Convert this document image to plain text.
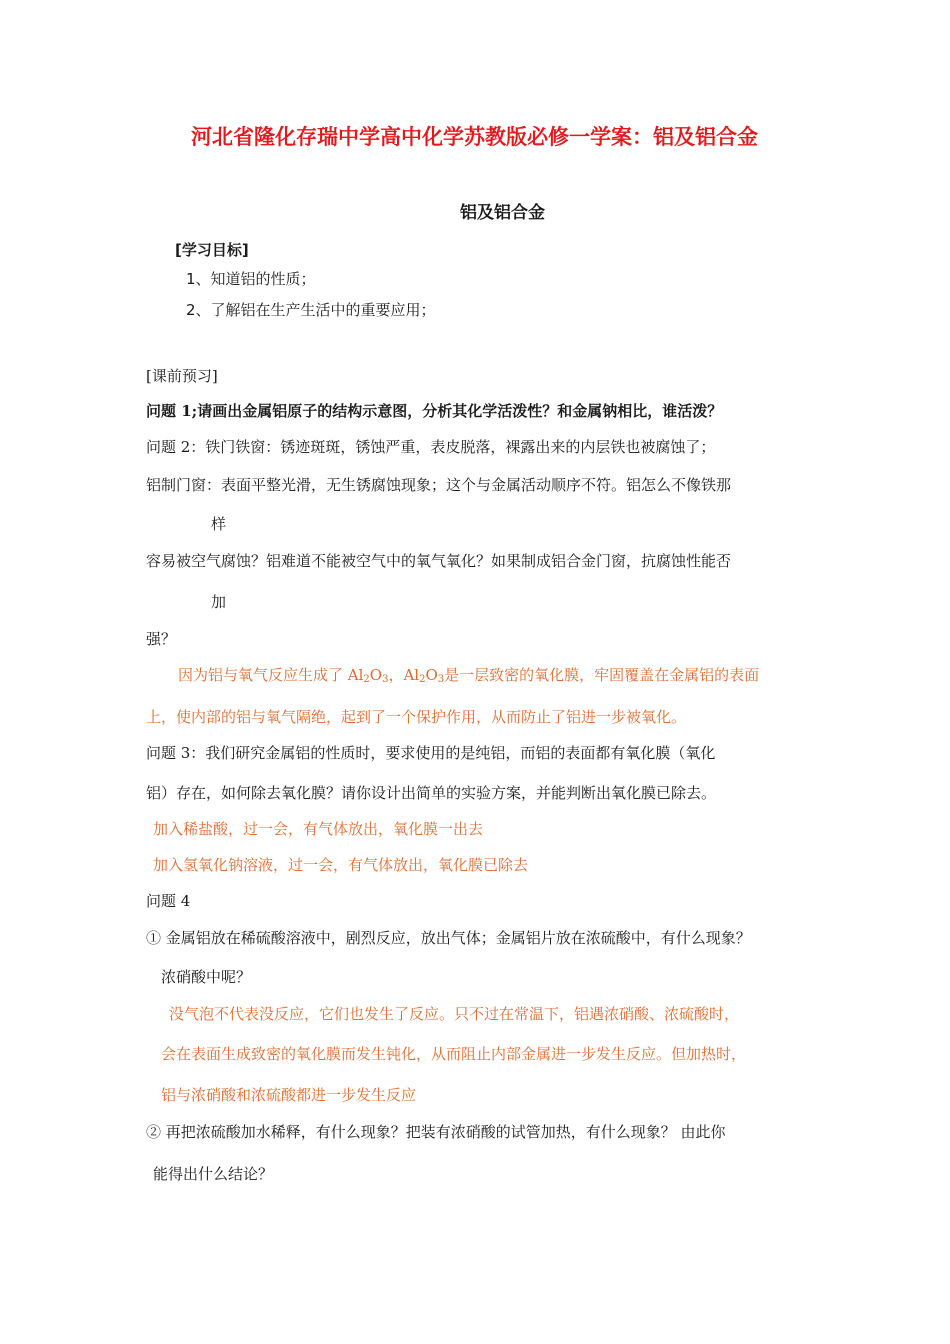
河北省隆化存瑞中学高中化学苏教版必修一学案：铝及铝合金
铝及铝合金
[学习目标]
1、知道铝的性质；
2、了解铝在生产生活中的重要应用；
[课前预习]
问题 1;请画出金属铝原子的结构示意图，分析其化学活泼性？和金属钠相比，谁活泼？
问题 2：铁门铁窗：锈迹斑斑，锈蚀严重，表皮脱落，裸露出来的内层铁也被腐蚀了；
铝制门窗：表面平整光滑，无生锈腐蚀现象；这个与金属活动顺序不符。铝怎么不像铁那
样
容易被空气腐蚀？铝难道不能被空气中的氧气氧化？如果制成铝合金门窗，抗腐蚀性能否
加
强？
因为铝与氧气反应生成了 $Al_2O_3$，$Al_2O_3$是一层致密的氧化膜，牢固覆盖在金属铝的表面
上，使内部的铝与氧气隔绝，起到了一个保护作用，从而防止了铝进一步被氧化。
问题 3：我们研究金属铝的性质时，要求使用的是纯铝，而铝的表面都有氧化膜（氧化
铝）存在，如何除去氧化膜？请你设计出简单的实验方案，并能判断出氧化膜已除去。
加入稀盐酸，过一会，有气体放出，氧化膜一出去
加入氢氧化钠溶液，过一会，有气体放出，氧化膜已除去
问题 4
① 金属铝放在稀硫酸溶液中，剧烈反应，放出气体；金属铝片放在浓硫酸中，有什么现象？
浓硝酸中呢？
没气泡不代表没反应，它们也发生了反应。只不过在常温下，铝遇浓硝酸、浓硫酸时，
会在表面生成致密的氧化膜而发生钝化，从而阻止内部金属进一步发生反应。但加热时，
铝与浓硝酸和浓硫酸都进一步发生反应
② 再把浓硫酸加水稀释，有什么现象？把装有浓硝酸的试管加热，有什么现象？ 由此你
能得出什么结论？
